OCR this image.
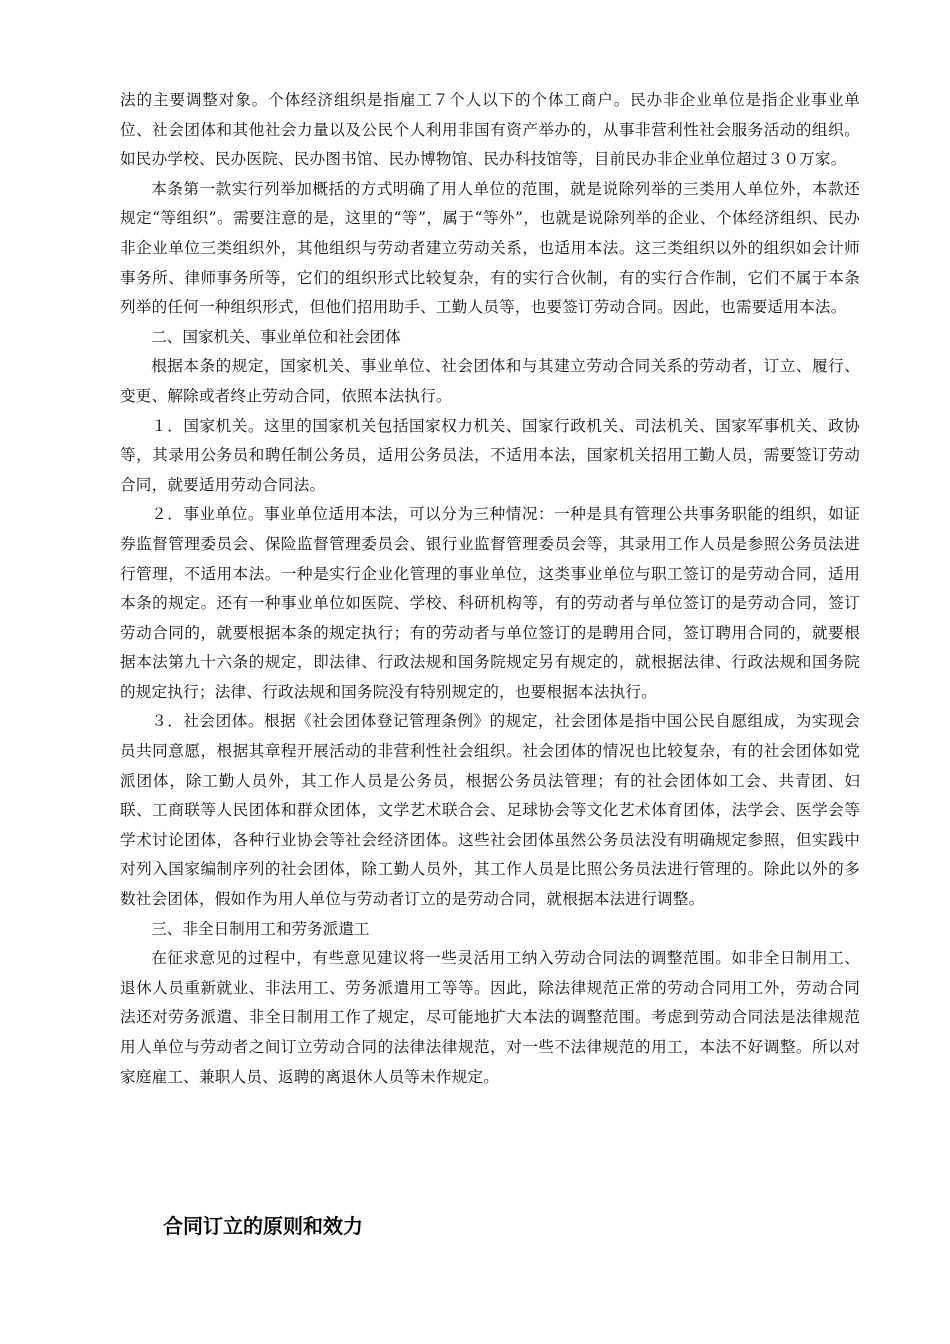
法的主要调整对象。个体经济组织是指雇工７个人以下的个体工商户。民办非企业单位是指企业事业单位、社会团体和其他社会力量以及公民个人利用非国有资产举办的，从事非营利性社会服务活动的组织。如民办学校、民办医院、民办图书馆、民办博物馆、民办科技馆等，目前民办非企业单位超过３０万家。

本条第一款实行列举加概括的方式明确了用人单位的范围，就是说除列举的三类用人单位外，本款还规定“等组织”。需要注意的是，这里的“等”，属于“等外”，也就是说除列举的企业、个体经济组织、民办非企业单位三类组织外，其他组织与劳动者建立劳动关系，也适用本法。这三类组织以外的组织如会计师事务所、律师事务所等，它们的组织形式比较复杂，有的实行合伙制，有的实行合作制，它们不属于本条列举的任何一种组织形式，但他们招用助手、工勤人员等，也要签订劳动合同。因此，也需要适用本法。

二、国家机关、事业单位和社会团体

根据本条的规定，国家机关、事业单位、社会团体和与其建立劳动合同关系的劳动者，订立、履行、变更、解除或者终止劳动合同，依照本法执行。

１．国家机关。这里的国家机关包括国家权力机关、国家行政机关、司法机关、国家军事机关、政协等，其录用公务员和聘任制公务员，适用公务员法，不适用本法，国家机关招用工勤人员，需要签订劳动合同，就要适用劳动合同法。

２．事业单位。事业单位适用本法，可以分为三种情况：一种是具有管理公共事务职能的组织，如证券监督管理委员会、保险监督管理委员会、银行业监督管理委员会等，其录用工作人员是参照公务员法进行管理，不适用本法。一种是实行企业化管理的事业单位，这类事业单位与职工签订的是劳动合同，适用本条的规定。还有一种事业单位如医院、学校、科研机构等，有的劳动者与单位签订的是劳动合同，签订劳动合同的，就要根据本条的规定执行；有的劳动者与单位签订的是聘用合同，签订聘用合同的，就要根据本法第九十六条的规定，即法律、行政法规和国务院规定另有规定的，就根据法律、行政法规和国务院的规定执行；法律、行政法规和国务院没有特别规定的，也要根据本法执行。

３．社会团体。根据《社会团体登记管理条例》的规定，社会团体是指中国公民自愿组成，为实现会员共同意愿，根据其章程开展活动的非营利性社会组织。社会团体的情况也比较复杂，有的社会团体如党派团体，除工勤人员外，其工作人员是公务员，根据公务员法管理；有的社会团体如工会、共青团、妇联、工商联等人民团体和群众团体，文学艺术联合会、足球协会等文化艺术体育团体，法学会、医学会等学术讨论团体，各种行业协会等社会经济团体。这些社会团体虽然公务员法没有明确规定参照，但实践中对列入国家编制序列的社会团体，除工勤人员外，其工作人员是比照公务员法进行管理的。除此以外的多数社会团体，假如作为用人单位与劳动者订立的是劳动合同，就根据本法进行调整。

三、非全日制用工和劳务派遣工

在征求意见的过程中，有些意见建议将一些灵活用工纳入劳动合同法的调整范围。如非全日制用工、退休人员重新就业、非法用工、劳务派遣用工等等。因此，除法律规范正常的劳动合同用工外，劳动合同法还对劳务派遣、非全日制用工作了规定，尽可能地扩大本法的调整范围。考虑到劳动合同法是法律规范用人单位与劳动者之间订立劳动合同的法律法律规范，对一些不法律规范的用工，本法不好调整。所以对家庭雇工、兼职人员、返聘的离退休人员等未作规定。

合同订立的原则和效力
